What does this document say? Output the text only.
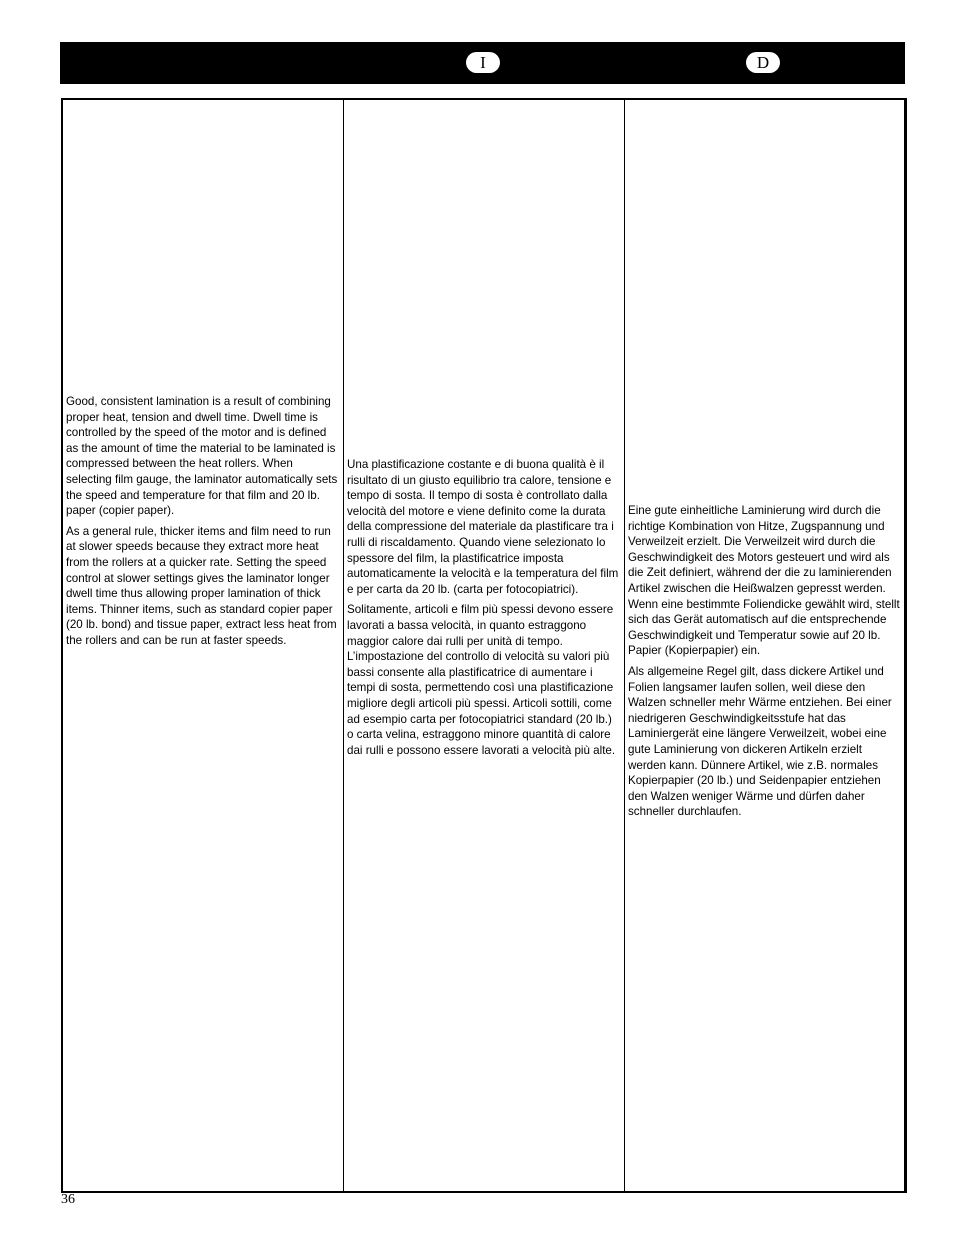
I	D

Good, consistent lamination is a result of combining proper heat, tension and dwell time. Dwell time is controlled by the speed of the motor and is defined as the amount of time the material to be laminated is compressed between the heat rollers. When selecting film gauge, the laminator automatically sets the speed and temperature for that film and 20 lb. paper (copier paper).

As a general rule, thicker items and film need to run at slower speeds because they extract more heat from the rollers at a quicker rate. Setting the speed control at slower settings gives the laminator longer dwell time thus allowing proper lamination of thick items. Thinner items, such as standard copier paper (20 lb. bond) and tissue paper, extract less heat from the rollers and can be run at faster speeds.

Una plastificazione costante e di buona qualità è il risultato di un giusto equilibrio tra calore, tensione e tempo di sosta. Il tempo di sosta è controllato dalla velocità del motore e viene definito come la durata della compressione del materiale da plastificare tra i rulli di riscaldamento. Quando viene selezionato lo spessore del film, la plastificatrice imposta automaticamente la velocità e la temperatura del film e per carta da 20 lb. (carta per fotocopiatrici).

Solitamente, articoli e film più spessi devono essere lavorati a bassa velocità, in quanto estraggono maggior calore dai rulli per unità di tempo. L’impostazione del controllo di velocità su valori più bassi consente alla plastificatrice di aumentare i tempi di sosta, permettendo così una plastificazione migliore degli articoli più spessi. Articoli sottili, come ad esempio carta per fotocopiatrici standard (20 lb.) o carta velina, estraggono minore quantità di calore dai rulli e possono essere lavorati a velocità più alte.

Eine gute einheitliche Laminierung wird durch die richtige Kombination von Hitze, Zugspannung und Verweilzeit erzielt. Die Verweilzeit wird durch die Geschwindigkeit des Motors gesteuert und wird als die Zeit definiert, während der die zu laminierenden Artikel zwischen die Heißwalzen gepresst werden. Wenn eine bestimmte Foliendicke gewählt wird, stellt sich das Gerät automatisch auf die entsprechende Geschwindigkeit und Temperatur sowie auf 20 lb. Papier (Kopierpapier) ein.

Als allgemeine Regel gilt, dass dickere Artikel und Folien langsamer laufen sollen, weil diese den Walzen schneller mehr Wärme entziehen. Bei einer niedrigeren Geschwindigkeitsstufe hat das Laminiergerät eine längere Verweilzeit, wobei eine gute Laminierung von dickeren Artikeln erzielt werden kann. Dünnere Artikel, wie z.B. normales Kopierpapier (20 lb.) und Seidenpapier entziehen den Walzen weniger Wärme und dürfen daher schneller durchlaufen.

36
